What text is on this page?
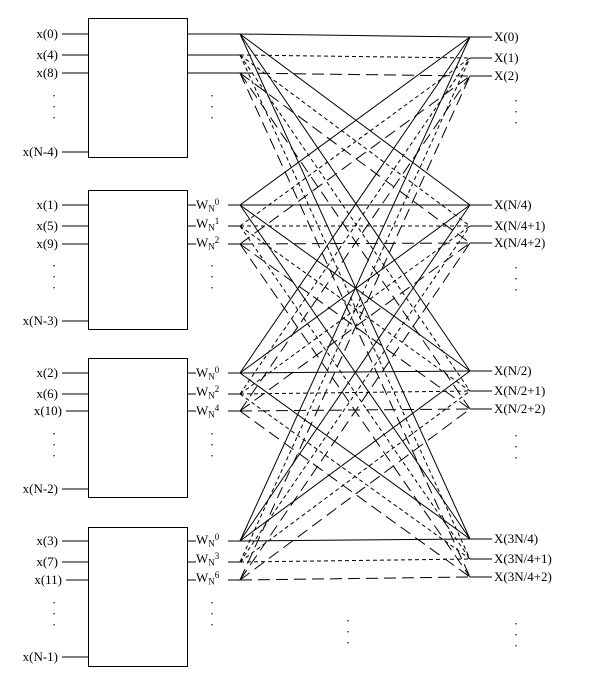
x(0)
x(4)
x(8)
x(N-4)
x(1)
x(5)
x(9)
x(N-3)
x(2)
x(6)
x(10)
x(N-2)
x(3)
x(7)
x(11)
x(N-1)
$W_N^0$
$W_N^1$
$W_N^2$
$W_N^0$
$W_N^2$
$W_N^4$
$W_N^0$
$W_N^3$
$W_N^6$
X(0)
X(1)
X(2)
X(N/4)
X(N/4+1)
X(N/4+2)
X(N/2)
X(N/2+1)
X(N/2+2)
X(3N/4)
X(3N/4+1)
X(3N/4+2)
·
·
·
·
·
·
·
·
·
·
·
·
·
·
·
·
·
·
·
·
·
·
·
·	·
·
·
·
·
·
·
·
·
·
·
·
·
·
·
